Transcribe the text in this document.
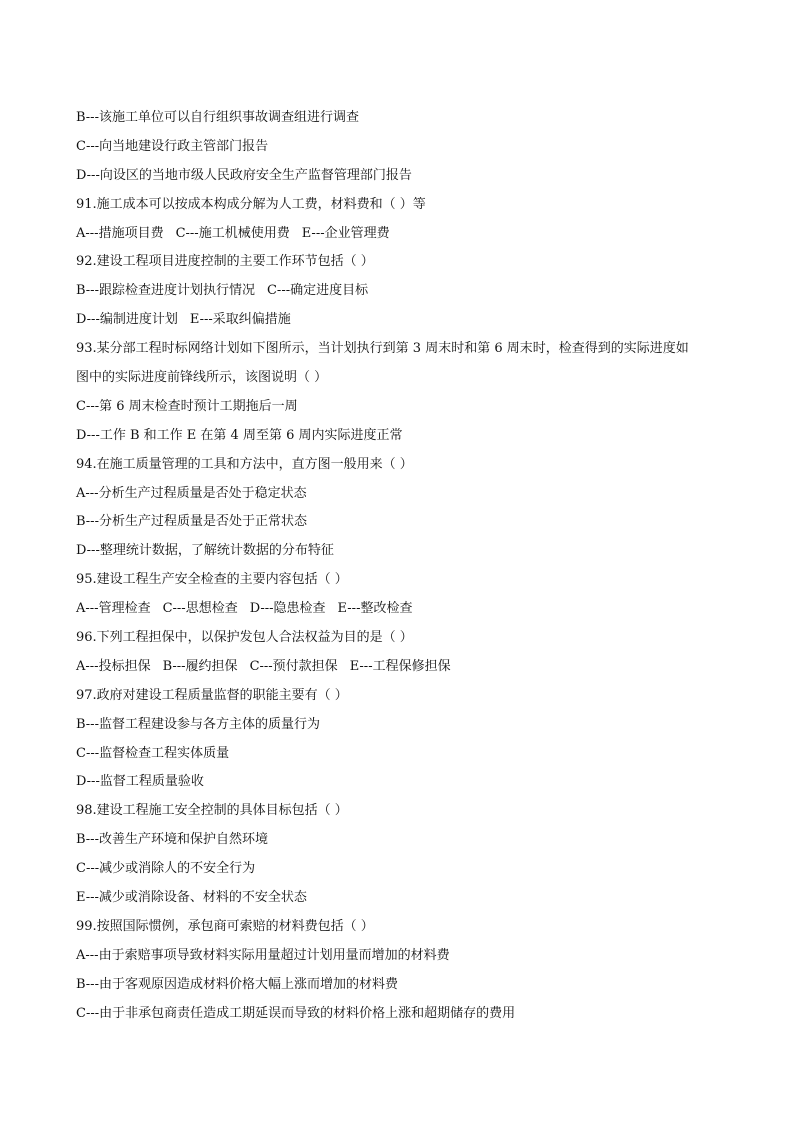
B---该施工单位可以自行组织事故调查组进行调查
C---向当地建设行政主管部门报告
D---向设区的当地市级人民政府安全生产监督管理部门报告
91.施工成本可以按成本构成分解为人工费，材料费和（ ）等
A---措施项目费 C---施工机械使用费 E---企业管理费
92.建设工程项目进度控制的主要工作环节包括（ ）
B---跟踪检查进度计划执行情况 C---确定进度目标
D---编制进度计划 E---采取纠偏措施
93.某分部工程时标网络计划如下图所示，当计划执行到第 3 周末时和第 6 周末时，检查得到的实际进度如
图中的实际进度前锋线所示，该图说明（ ）
C---第 6 周末检查时预计工期拖后一周
D---工作 B 和工作 E 在第 4 周至第 6 周内实际进度正常
94.在施工质量管理的工具和方法中，直方图一般用来（ ）
A---分析生产过程质量是否处于稳定状态
B---分析生产过程质量是否处于正常状态
D---整理统计数据，了解统计数据的分布特征
95.建设工程生产安全检查的主要内容包括（ ）
A---管理检查 C---思想检查 D---隐患检查 E---整改检查
96.下列工程担保中，以保护发包人合法权益为目的是（ ）
A---投标担保 B---履约担保 C---预付款担保 E---工程保修担保
97.政府对建设工程质量监督的职能主要有（ ）
B---监督工程建设参与各方主体的质量行为
C---监督检查工程实体质量
D---监督工程质量验收
98.建设工程施工安全控制的具体目标包括（ ）
B---改善生产环境和保护自然环境
C---减少或消除人的不安全行为
E---减少或消除设备、材料的不安全状态
99.按照国际惯例，承包商可索赔的材料费包括（ ）
A---由于索赔事项导致材料实际用量超过计划用量而增加的材料费
B---由于客观原因造成材料价格大幅上涨而增加的材料费
C---由于非承包商责任造成工期延误而导致的材料价格上涨和超期储存的费用
